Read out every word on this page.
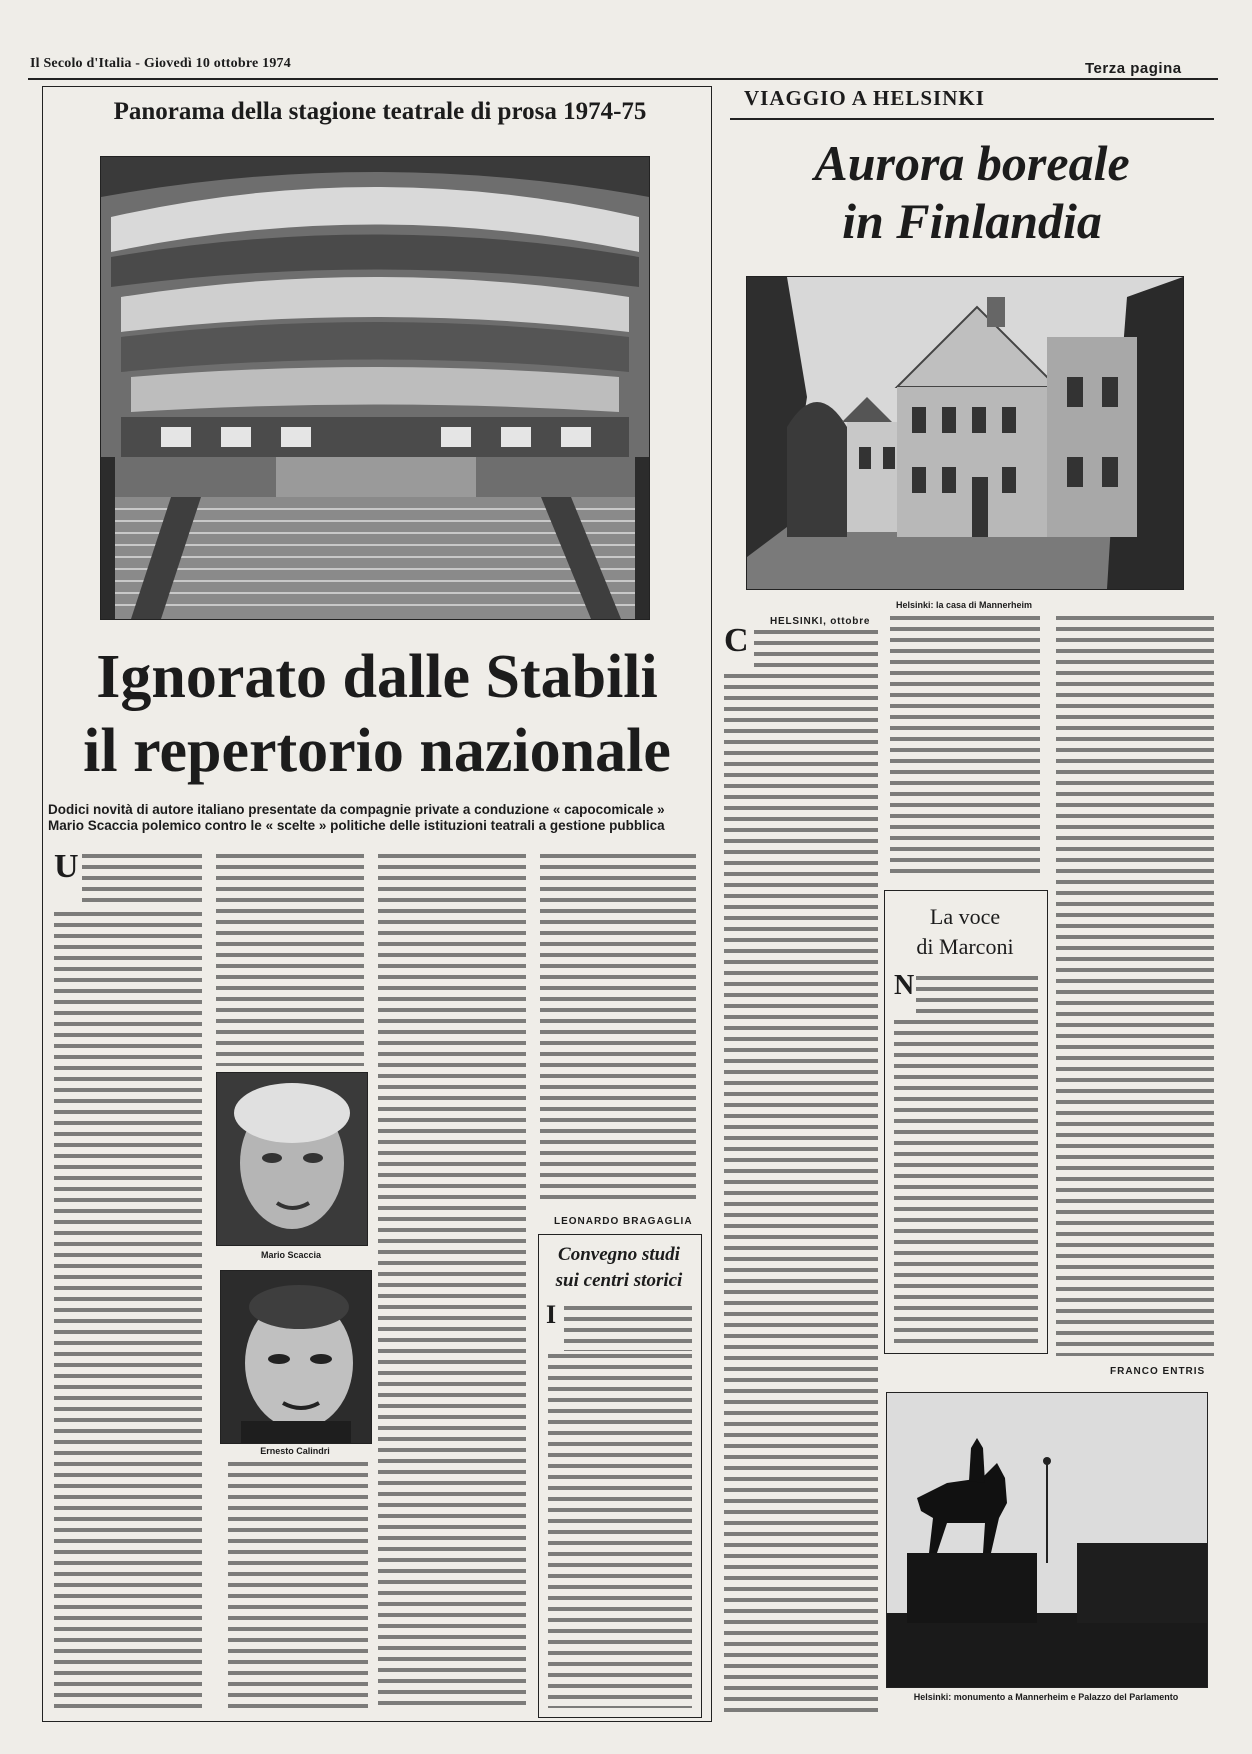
Il Secolo d'Italia - Giovedì 10 ottobre 1974	Terza pagina
Panorama della stagione teatrale di prosa 1974-75
Ignorato dalle Stabili
il repertorio nazionale
Dodici novità di autore italiano presentate da compagnie private a conduzione « capocomicale » Mario Scaccia polemico contro le « scelte » politiche delle istituzioni teatrali a gestione pubblica
U
Mario Scaccia
Ernesto Calindri
LEONARDO BRAGAGLIA
Convegno studi
sui centri storici
I
VIAGGIO A HELSINKI
Aurora boreale
in Finlandia
Helsinki: la casa di Mannerheim
HELSINKI, ottobre
C
La voce
di Marconi
N
FRANCO ENTRIS
Helsinki: monumento a Mannerheim e Palazzo del Parlamento
